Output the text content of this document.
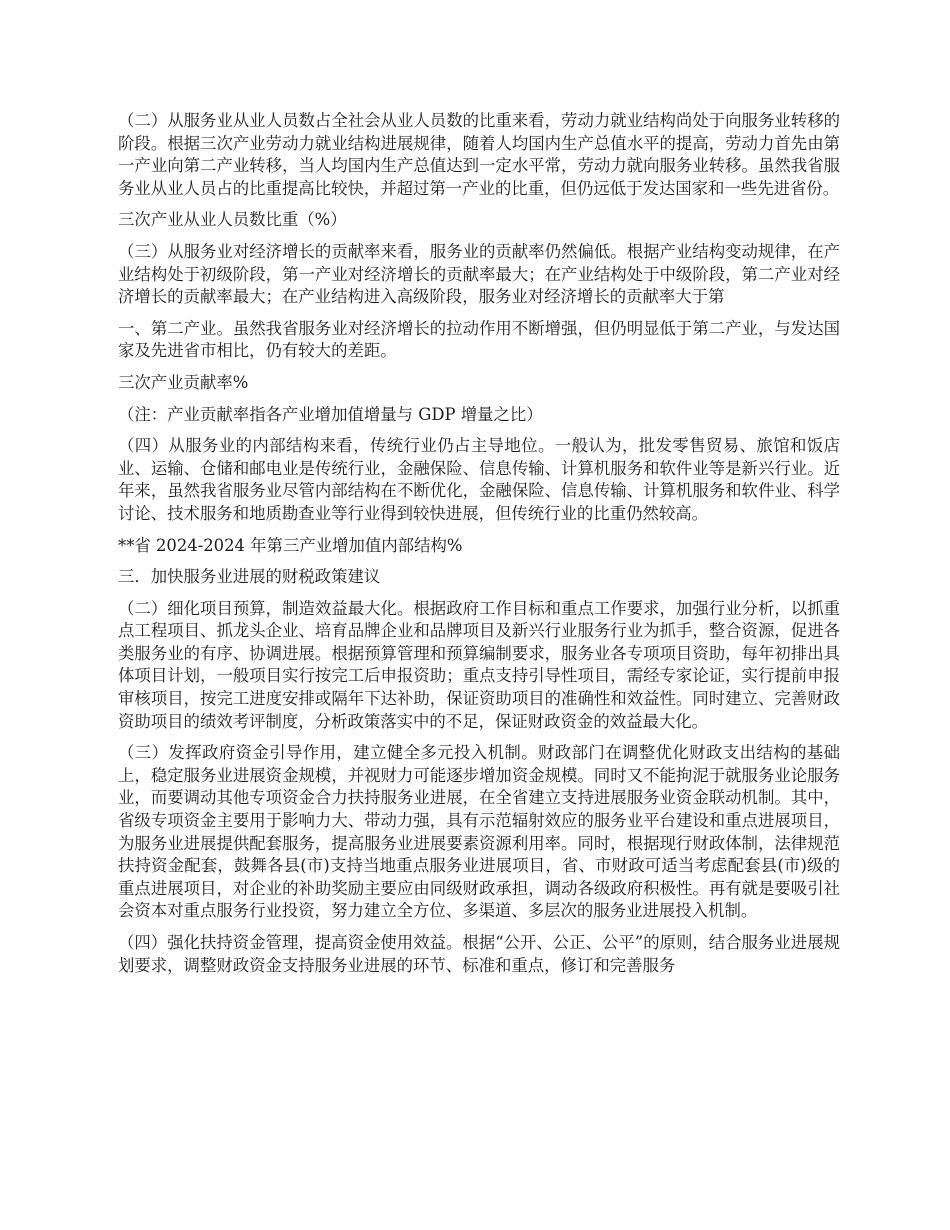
（二）从服务业从业人员数占全社会从业人员数的比重来看，劳动力就业结构尚处于向服务业转移的阶段。根据三次产业劳动力就业结构进展规律，随着人均国内生产总值水平的提高，劳动力首先由第一产业向第二产业转移，当人均国内生产总值达到一定水平常，劳动力就向服务业转移。虽然我省服务业从业人员占的比重提高比较快，并超过第一产业的比重，但仍远低于发达国家和一些先进省份。

三次产业从业人员数比重（%）

（三）从服务业对经济增长的贡献率来看，服务业的贡献率仍然偏低。根据产业结构变动规律，在产业结构处于初级阶段，第一产业对经济增长的贡献率最大；在产业结构处于中级阶段，第二产业对经济增长的贡献率最大；在产业结构进入高级阶段，服务业对经济增长的贡献率大于第

一、第二产业。虽然我省服务业对经济增长的拉动作用不断增强，但仍明显低于第二产业，与发达国家及先进省市相比，仍有较大的差距。

三次产业贡献率%

（注：产业贡献率指各产业增加值增量与 GDP 增量之比）

（四）从服务业的内部结构来看，传统行业仍占主导地位。一般认为，批发零售贸易、旅馆和饭店业、运输、仓储和邮电业是传统行业，金融保险、信息传输、计算机服务和软件业等是新兴行业。近年来，虽然我省服务业尽管内部结构在不断优化，金融保险、信息传输、计算机服务和软件业、科学讨论、技术服务和地质勘查业等行业得到较快进展，但传统行业的比重仍然较高。

**省 2024-2024 年第三产业增加值内部结构%

三．加快服务业进展的财税政策建议

（二）细化项目预算，制造效益最大化。根据政府工作目标和重点工作要求，加强行业分析，以抓重点工程项目、抓龙头企业、培育品牌企业和品牌项目及新兴行业服务行业为抓手，整合资源，促进各类服务业的有序、协调进展。根据预算管理和预算编制要求，服务业各专项项目资助，每年初排出具体项目计划，一般项目实行按完工后申报资助；重点支持引导性项目，需经专家论证，实行提前申报审核项目，按完工进度安排或隔年下达补助，保证资助项目的准确性和效益性。同时建立、完善财政资助项目的绩效考评制度，分析政策落实中的不足，保证财政资金的效益最大化。

（三）发挥政府资金引导作用，建立健全多元投入机制。财政部门在调整优化财政支出结构的基础上，稳定服务业进展资金规模，并视财力可能逐步增加资金规模。同时又不能拘泥于就服务业论服务业，而要调动其他专项资金合力扶持服务业进展，在全省建立支持进展服务业资金联动机制。其中，省级专项资金主要用于影响力大、带动力强，具有示范辐射效应的服务业平台建设和重点进展项目，为服务业进展提供配套服务，提高服务业进展要素资源利用率。同时，根据现行财政体制，法律规范扶持资金配套，鼓舞各县(市)支持当地重点服务业进展项目，省、市财政可适当考虑配套县(市)级的重点进展项目，对企业的补助奖励主要应由同级财政承担，调动各级政府积极性。再有就是要吸引社会资本对重点服务行业投资，努力建立全方位、多渠道、多层次的服务业进展投入机制。

（四）强化扶持资金管理，提高资金使用效益。根据“公开、公正、公平”的原则，结合服务业进展规划要求，调整财政资金支持服务业进展的环节、标准和重点，修订和完善服务
